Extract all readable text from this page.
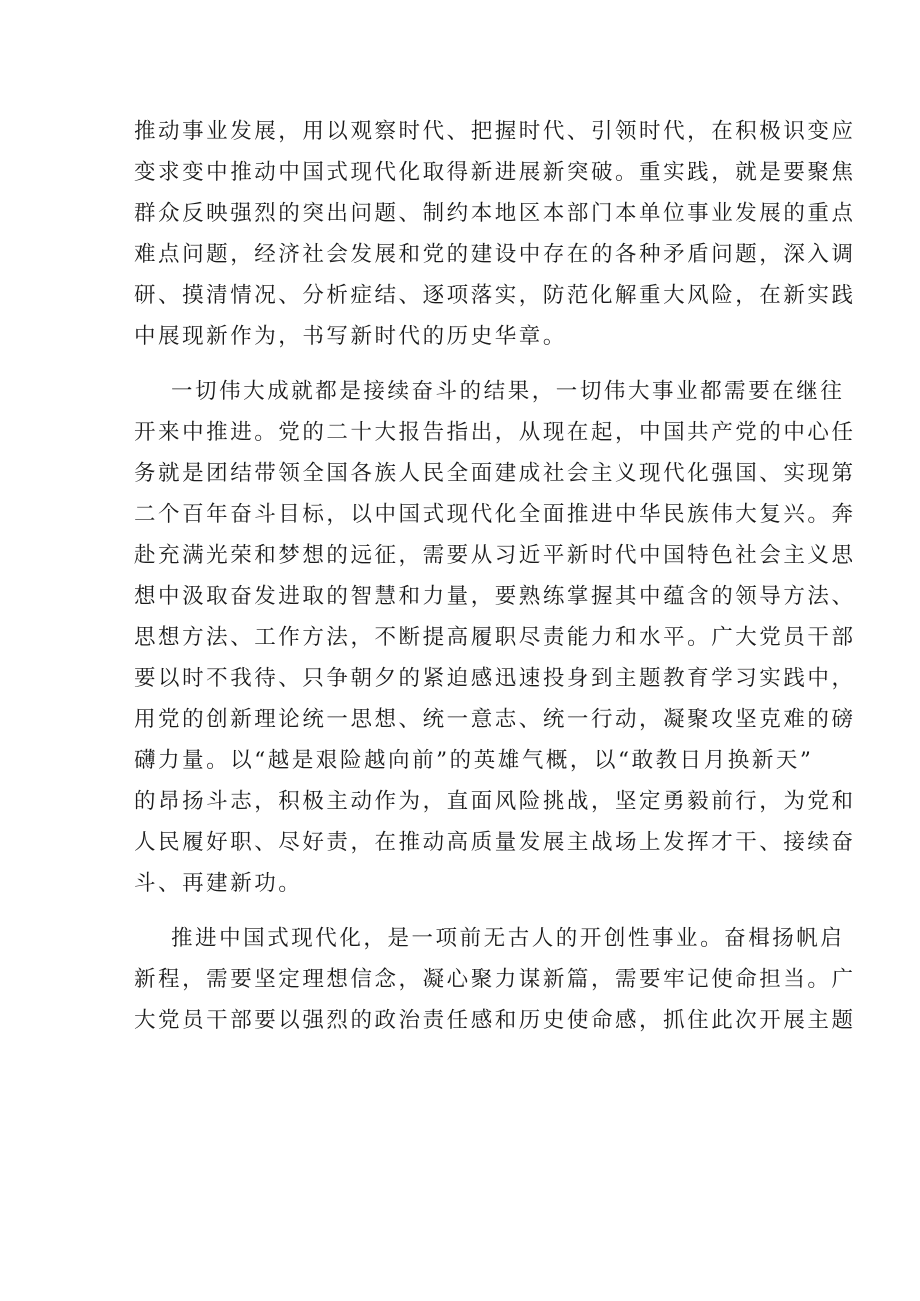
推动事业发展，用以观察时代、把握时代、引领时代，在积极识变应
变求变中推动中国式现代化取得新进展新突破。重实践，就是要聚焦
群众反映强烈的突出问题、制约本地区本部门本单位事业发展的重点
难点问题，经济社会发展和党的建设中存在的各种矛盾问题，深入调
研、摸清情况、分析症结、逐项落实，防范化解重大风险，在新实践
中展现新作为，书写新时代的历史华章。
一切伟大成就都是接续奋斗的结果，一切伟大事业都需要在继往
开来中推进。党的二十大报告指出，从现在起，中国共产党的中心任
务就是团结带领全国各族人民全面建成社会主义现代化强国、实现第
二个百年奋斗目标，以中国式现代化全面推进中华民族伟大复兴。奔
赴充满光荣和梦想的远征，需要从习近平新时代中国特色社会主义思
想中汲取奋发进取的智慧和力量，要熟练掌握其中蕴含的领导方法、
思想方法、工作方法，不断提高履职尽责能力和水平。广大党员干部
要以时不我待、只争朝夕的紧迫感迅速投身到主题教育学习实践中，
用党的创新理论统一思想、统一意志、统一行动，凝聚攻坚克难的磅
礴力量。以“越是艰险越向前”的英雄气概，以“敢教日月换新天”
的昂扬斗志，积极主动作为，直面风险挑战，坚定勇毅前行，为党和
人民履好职、尽好责，在推动高质量发展主战场上发挥才干、接续奋
斗、再建新功。
推进中国式现代化，是一项前无古人的开创性事业。奋楫扬帆启
新程，需要坚定理想信念，凝心聚力谋新篇，需要牢记使命担当。广
大党员干部要以强烈的政治责任感和历史使命感，抓住此次开展主题
